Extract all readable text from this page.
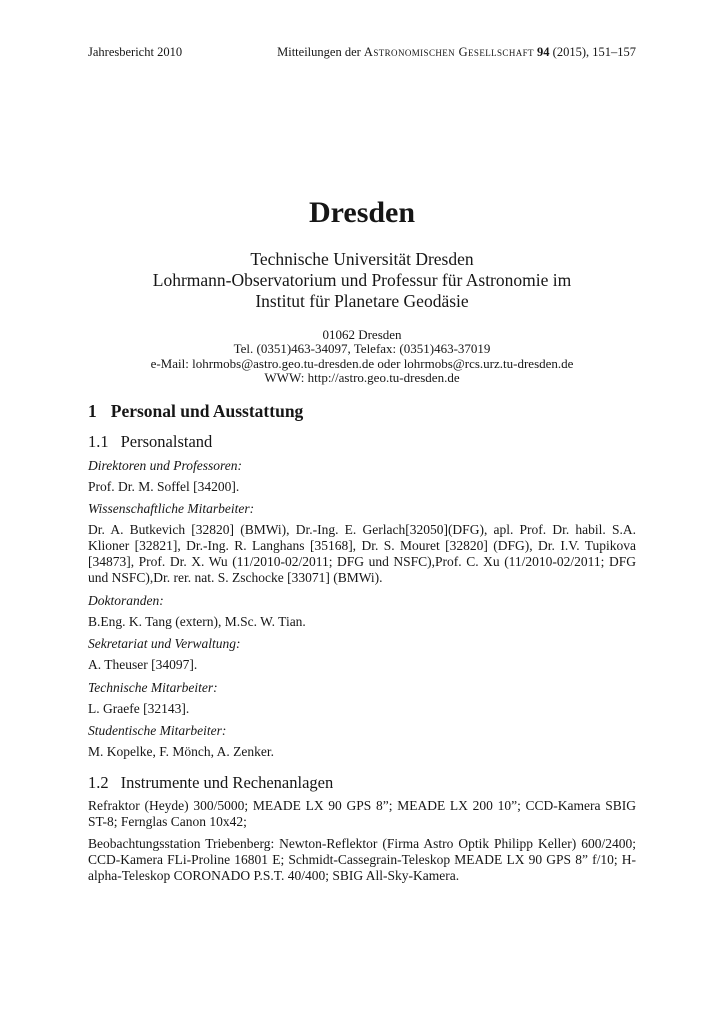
Jahresbericht 2010	Mitteilungen der Astronomischen Gesellschaft 94 (2015), 151–157
Dresden
Technische Universität Dresden
Lohrmann-Observatorium und Professur für Astronomie im
Institut für Planetare Geodäsie
01062 Dresden
Tel. (0351)463-34097, Telefax: (0351)463-37019
e-Mail: lohrmobs@astro.geo.tu-dresden.de oder lohrmobs@rcs.urz.tu-dresden.de
WWW: http://astro.geo.tu-dresden.de
1 Personal und Ausstattung
1.1 Personalstand

Direktoren und Professoren:

Prof. Dr. M. Soffel [34200].

Wissenschaftliche Mitarbeiter:

Dr. A. Butkevich [32820] (BMWi), Dr.-Ing. E. Gerlach[32050](DFG), apl. Prof. Dr. habil. S.A. Klioner [32821], Dr.-Ing. R. Langhans [35168], Dr. S. Mouret [32820] (DFG), Dr. I.V. Tupikova [34873], Prof. Dr. X. Wu (11/2010-02/2011; DFG und NSFC),Prof. C. Xu (11/2010-02/2011; DFG und NSFC),Dr. rer. nat. S. Zschocke [33071] (BMWi).

Doktoranden:

B.Eng. K. Tang (extern), M.Sc. W. Tian.

Sekretariat und Verwaltung:

A. Theuser [34097].

Technische Mitarbeiter:

L. Graefe [32143].

Studentische Mitarbeiter:

M. Kopelke, F. Mönch, A. Zenker.

1.2 Instrumente und Rechenanlagen

Refraktor (Heyde) 300/5000; MEADE LX 90 GPS 8”; MEADE LX 200 10”; CCD-Kamera SBIG ST-8; Fernglas Canon 10x42;

Beobachtungsstation Triebenberg: Newton-Reflektor (Firma Astro Optik Philipp Keller) 600/2400; CCD-Kamera FLi-Proline 16801 E; Schmidt-Cassegrain-Teleskop MEADE LX 90 GPS 8” f/10; H-alpha-Teleskop CORONADO P.S.T. 40/400; SBIG All-Sky-Kamera.
